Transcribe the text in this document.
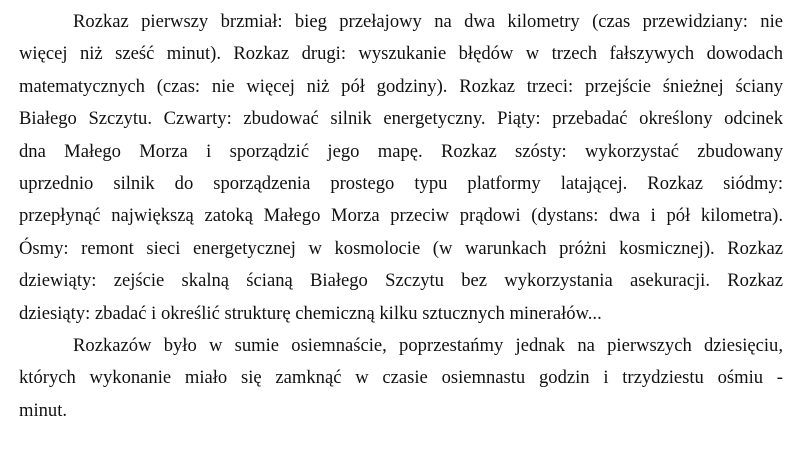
Rozkaz pierwszy brzmiał: bieg przełajowy na dwa kilometry (czas przewidziany: nie
więcej niż sześć minut). Rozkaz drugi: wyszukanie błędów w trzech fałszywych dowodach
matematycznych (czas: nie więcej niż pół godziny). Rozkaz trzeci: przejście śnieżnej ściany
Białego Szczytu. Czwarty: zbudować silnik energetyczny. Piąty: przebadać określony odcinek
dna Małego Morza i sporządzić jego mapę. Rozkaz szósty: wykorzystać zbudowany
uprzednio silnik do sporządzenia prostego typu platformy latającej. Rozkaz siódmy:
przepłynąć największą zatoką Małego Morza przeciw prądowi (dystans: dwa i pół kilometra).
Ósmy: remont sieci energetycznej w kosmolocie (w warunkach próżni kosmicznej). Rozkaz
dziewiąty: zejście skalną ścianą Białego Szczytu bez wykorzystania asekuracji. Rozkaz
dziesiąty: zbadać i określić strukturę chemiczną kilku sztucznych minerałów...
Rozkazów było w sumie osiemnaście, poprzestańmy jednak na pierwszych dziesięciu,
których wykonanie miało się zamknąć w czasie osiemnastu godzin i trzydziestu ośmiu -
minut.
